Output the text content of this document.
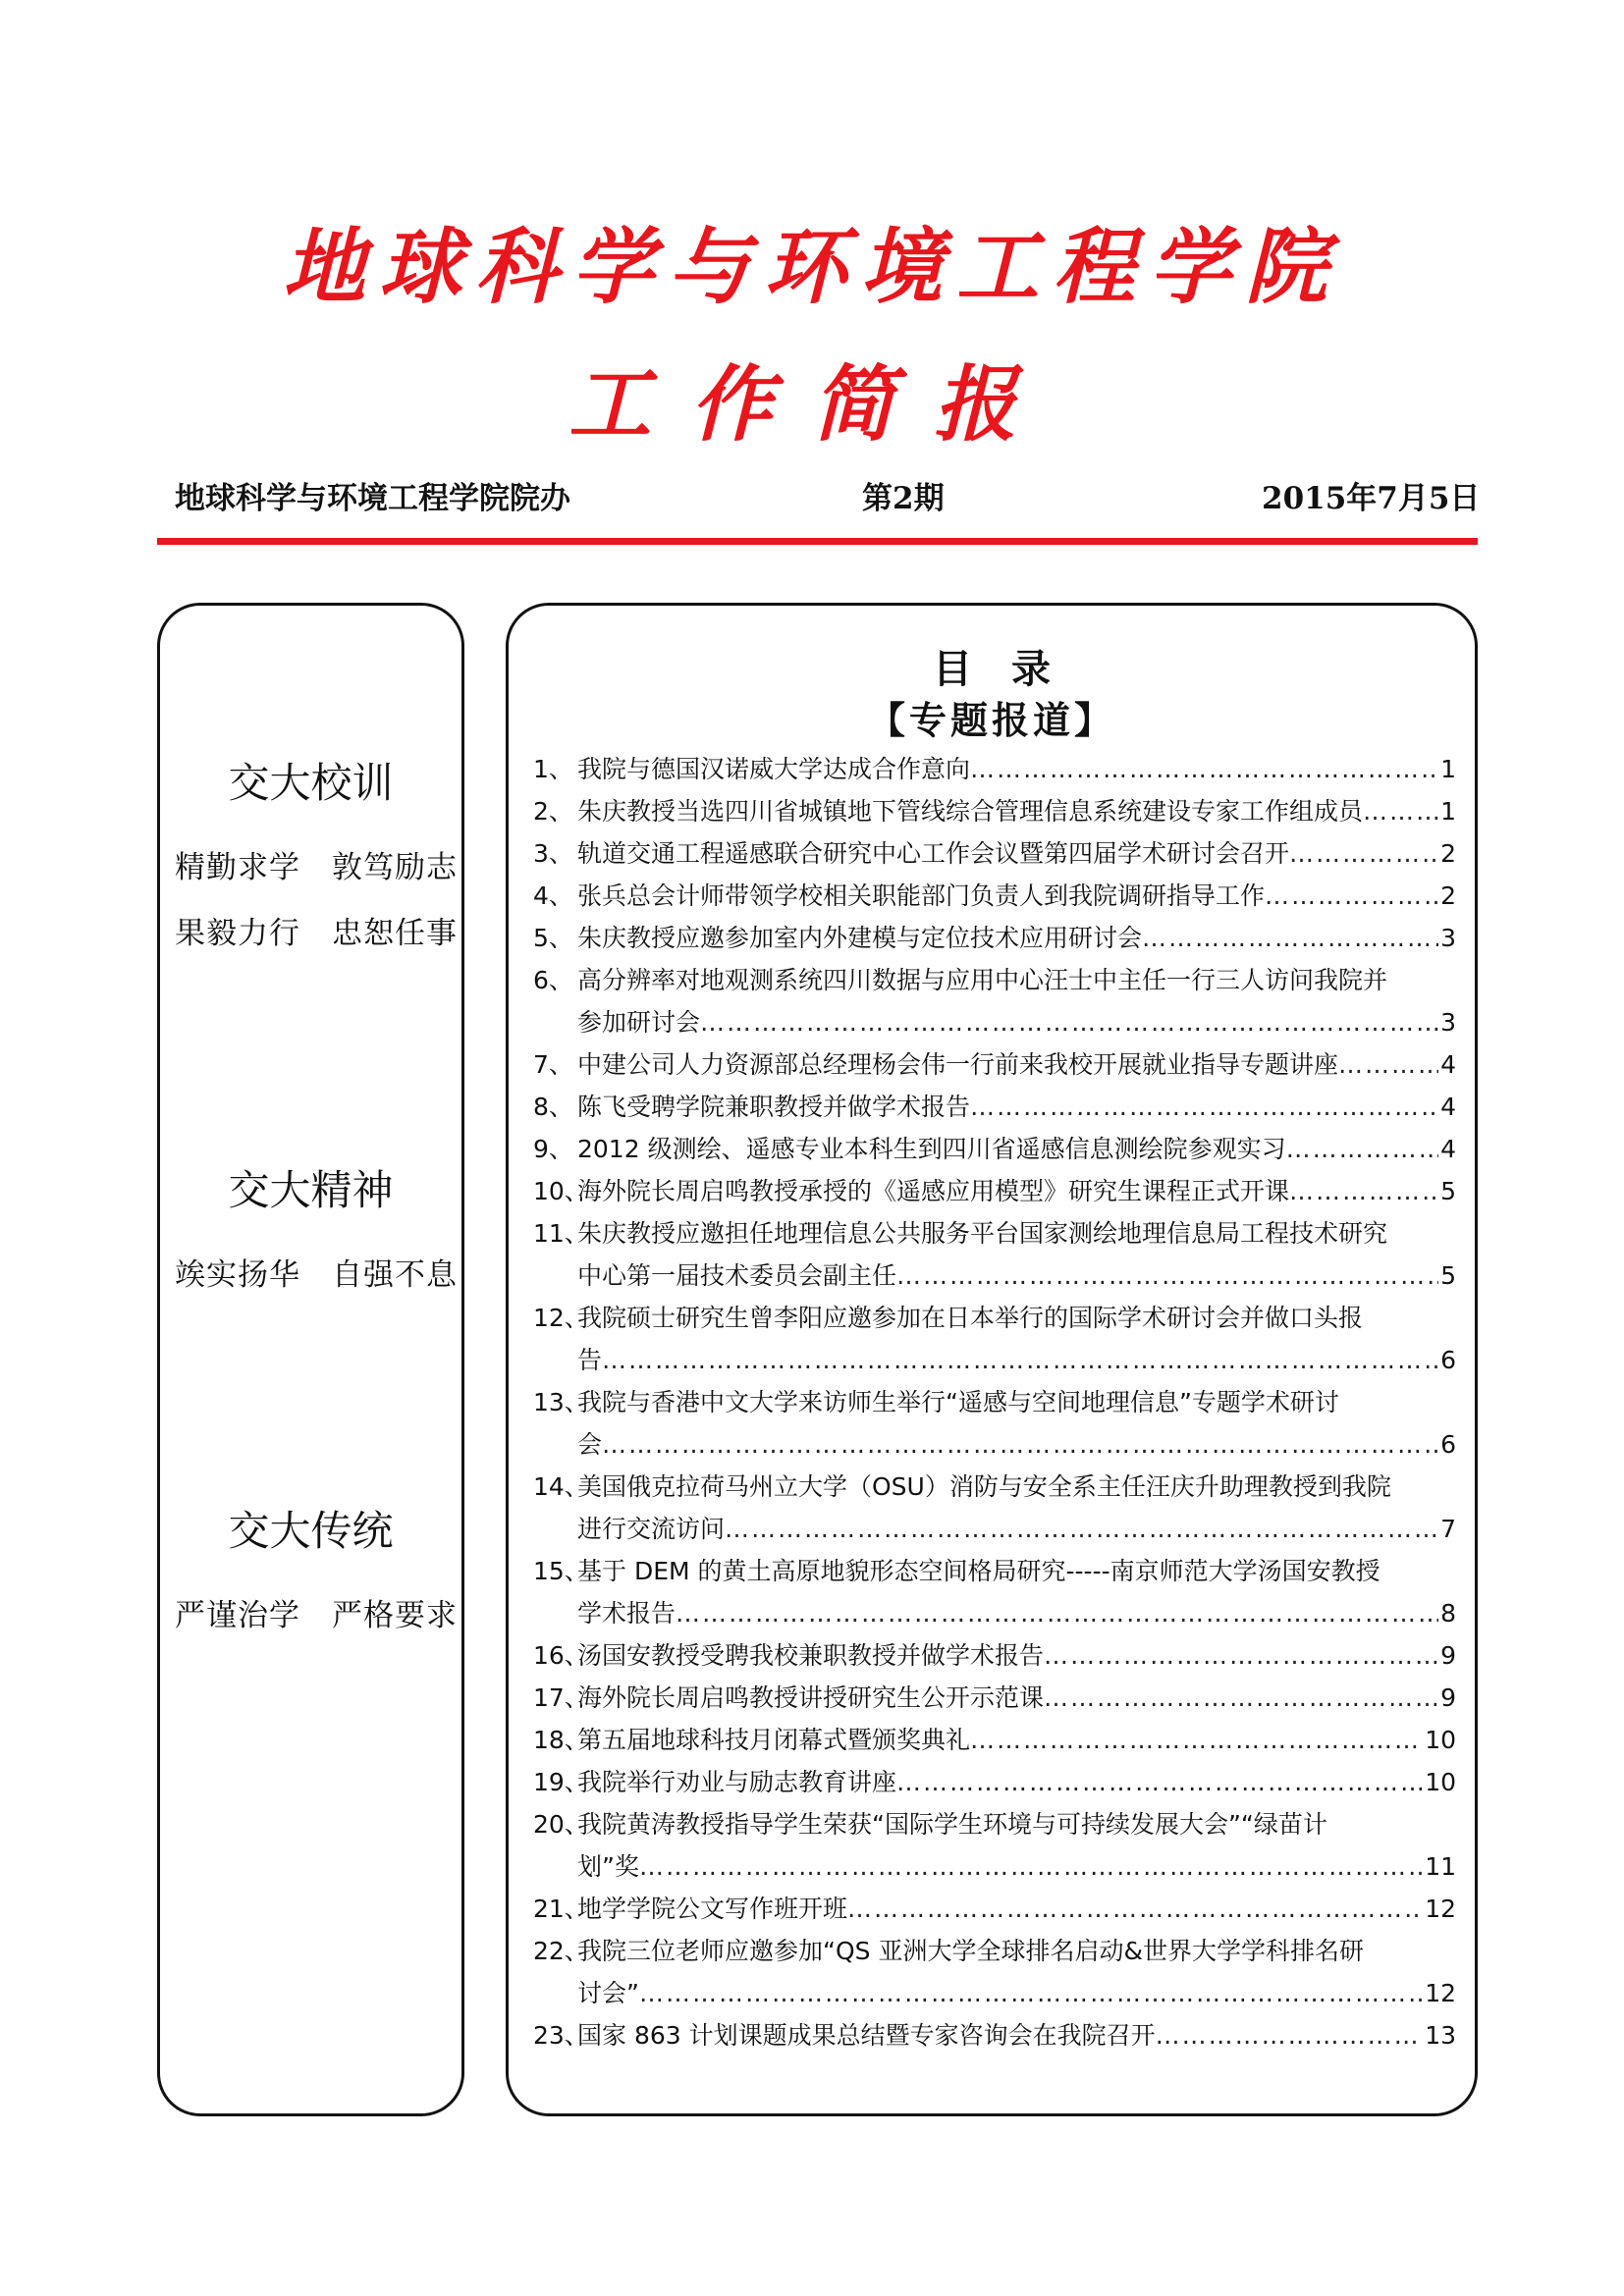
地球科学与环境工程学院
工作简报
地球科学与环境工程学院院办	第2期	2015年7月5日
交大校训
精勤求学　敦笃励志
果毅力行　忠恕任事
交大精神
竢实扬华　自强不息
交大传统
严谨治学　严格要求
目录
【专题报道】
1、 我院与德国汉诺威大学达成合作意向 …………………………………………………………………………………………………………………………………………………………………………………………………………	1
2、 朱庆教授当选四川省城镇地下管线综合管理信息系统建设专家工作组成员 …………………………………………………………………………………………………………………………………………………………………………………………………………	1
3、 轨道交通工程遥感联合研究中心工作会议暨第四届学术研讨会召开 …………………………………………………………………………………………………………………………………………………………………………………………………………	2
4、 张兵总会计师带领学校相关职能部门负责人到我院调研指导工作 …………………………………………………………………………………………………………………………………………………………………………………………………………	2
5、 朱庆教授应邀参加室内外建模与定位技术应用研讨会 …………………………………………………………………………………………………………………………………………………………………………………………………………	3
6、 高分辨率对地观测系统四川数据与应用中心汪士中主任一行三人访问我院并
参加研讨会 …………………………………………………………………………………………………………………………………………………………………………………………………………	3
7、 中建公司人力资源部总经理杨会伟一行前来我校开展就业指导专题讲座 …………………………………………………………………………………………………………………………………………………………………………………………………………	4
8、 陈飞受聘学院兼职教授并做学术报告 …………………………………………………………………………………………………………………………………………………………………………………………………………	4
9、 2012 级测绘、遥感专业本科生到四川省遥感信息测绘院参观实习 …………………………………………………………………………………………………………………………………………………………………………………………………………	4
10、
海外院长周启鸣教授承授的《遥感应用模型》研究生课程正式开课 …………………………………………………………………………………………………………………………………………………………………………………………………………	5
11、
朱庆教授应邀担任地理信息公共服务平台国家测绘地理信息局工程技术研究
中心第一届技术委员会副主任 …………………………………………………………………………………………………………………………………………………………………………………………………………	5
12、
我院硕士研究生曾李阳应邀参加在日本举行的国际学术研讨会并做口头报
告 …………………………………………………………………………………………………………………………………………………………………………………………………………	6
13、
我院与香港中文大学来访师生举行“遥感与空间地理信息”专题学术研讨
会 …………………………………………………………………………………………………………………………………………………………………………………………………………	6
14、
美国俄克拉荷马州立大学（OSU）消防与安全系主任汪庆升助理教授到我院
进行交流访问 …………………………………………………………………………………………………………………………………………………………………………………………………………	7
15、
基于 DEM 的黄土高原地貌形态空间格局研究-----南京师范大学汤国安教授
学术报告 …………………………………………………………………………………………………………………………………………………………………………………………………………	8
16、
汤国安教授受聘我校兼职教授并做学术报告 …………………………………………………………………………………………………………………………………………………………………………………………………………	9
17、
海外院长周启鸣教授讲授研究生公开示范课 …………………………………………………………………………………………………………………………………………………………………………………………………………	9
18、
第五届地球科技月闭幕式暨颁奖典礼 …………………………………………………………………………………………………………………………………………………………………………………………………………	10
19、
我院举行劝业与励志教育讲座 …………………………………………………………………………………………………………………………………………………………………………………………………………	10
20、
我院黄涛教授指导学生荣获“国际学生环境与可持续发展大会”“绿苗计
划”奖 …………………………………………………………………………………………………………………………………………………………………………………………………………	11
21、
地学学院公文写作班开班 …………………………………………………………………………………………………………………………………………………………………………………………………………	12
22、
我院三位老师应邀参加“QS 亚洲大学全球排名启动&世界大学学科排名研
讨会” …………………………………………………………………………………………………………………………………………………………………………………………………………	12
23、
国家 863 计划课题成果总结暨专家咨询会在我院召开 …………………………………………………………………………………………………………………………………………………………………………………………………………	13
